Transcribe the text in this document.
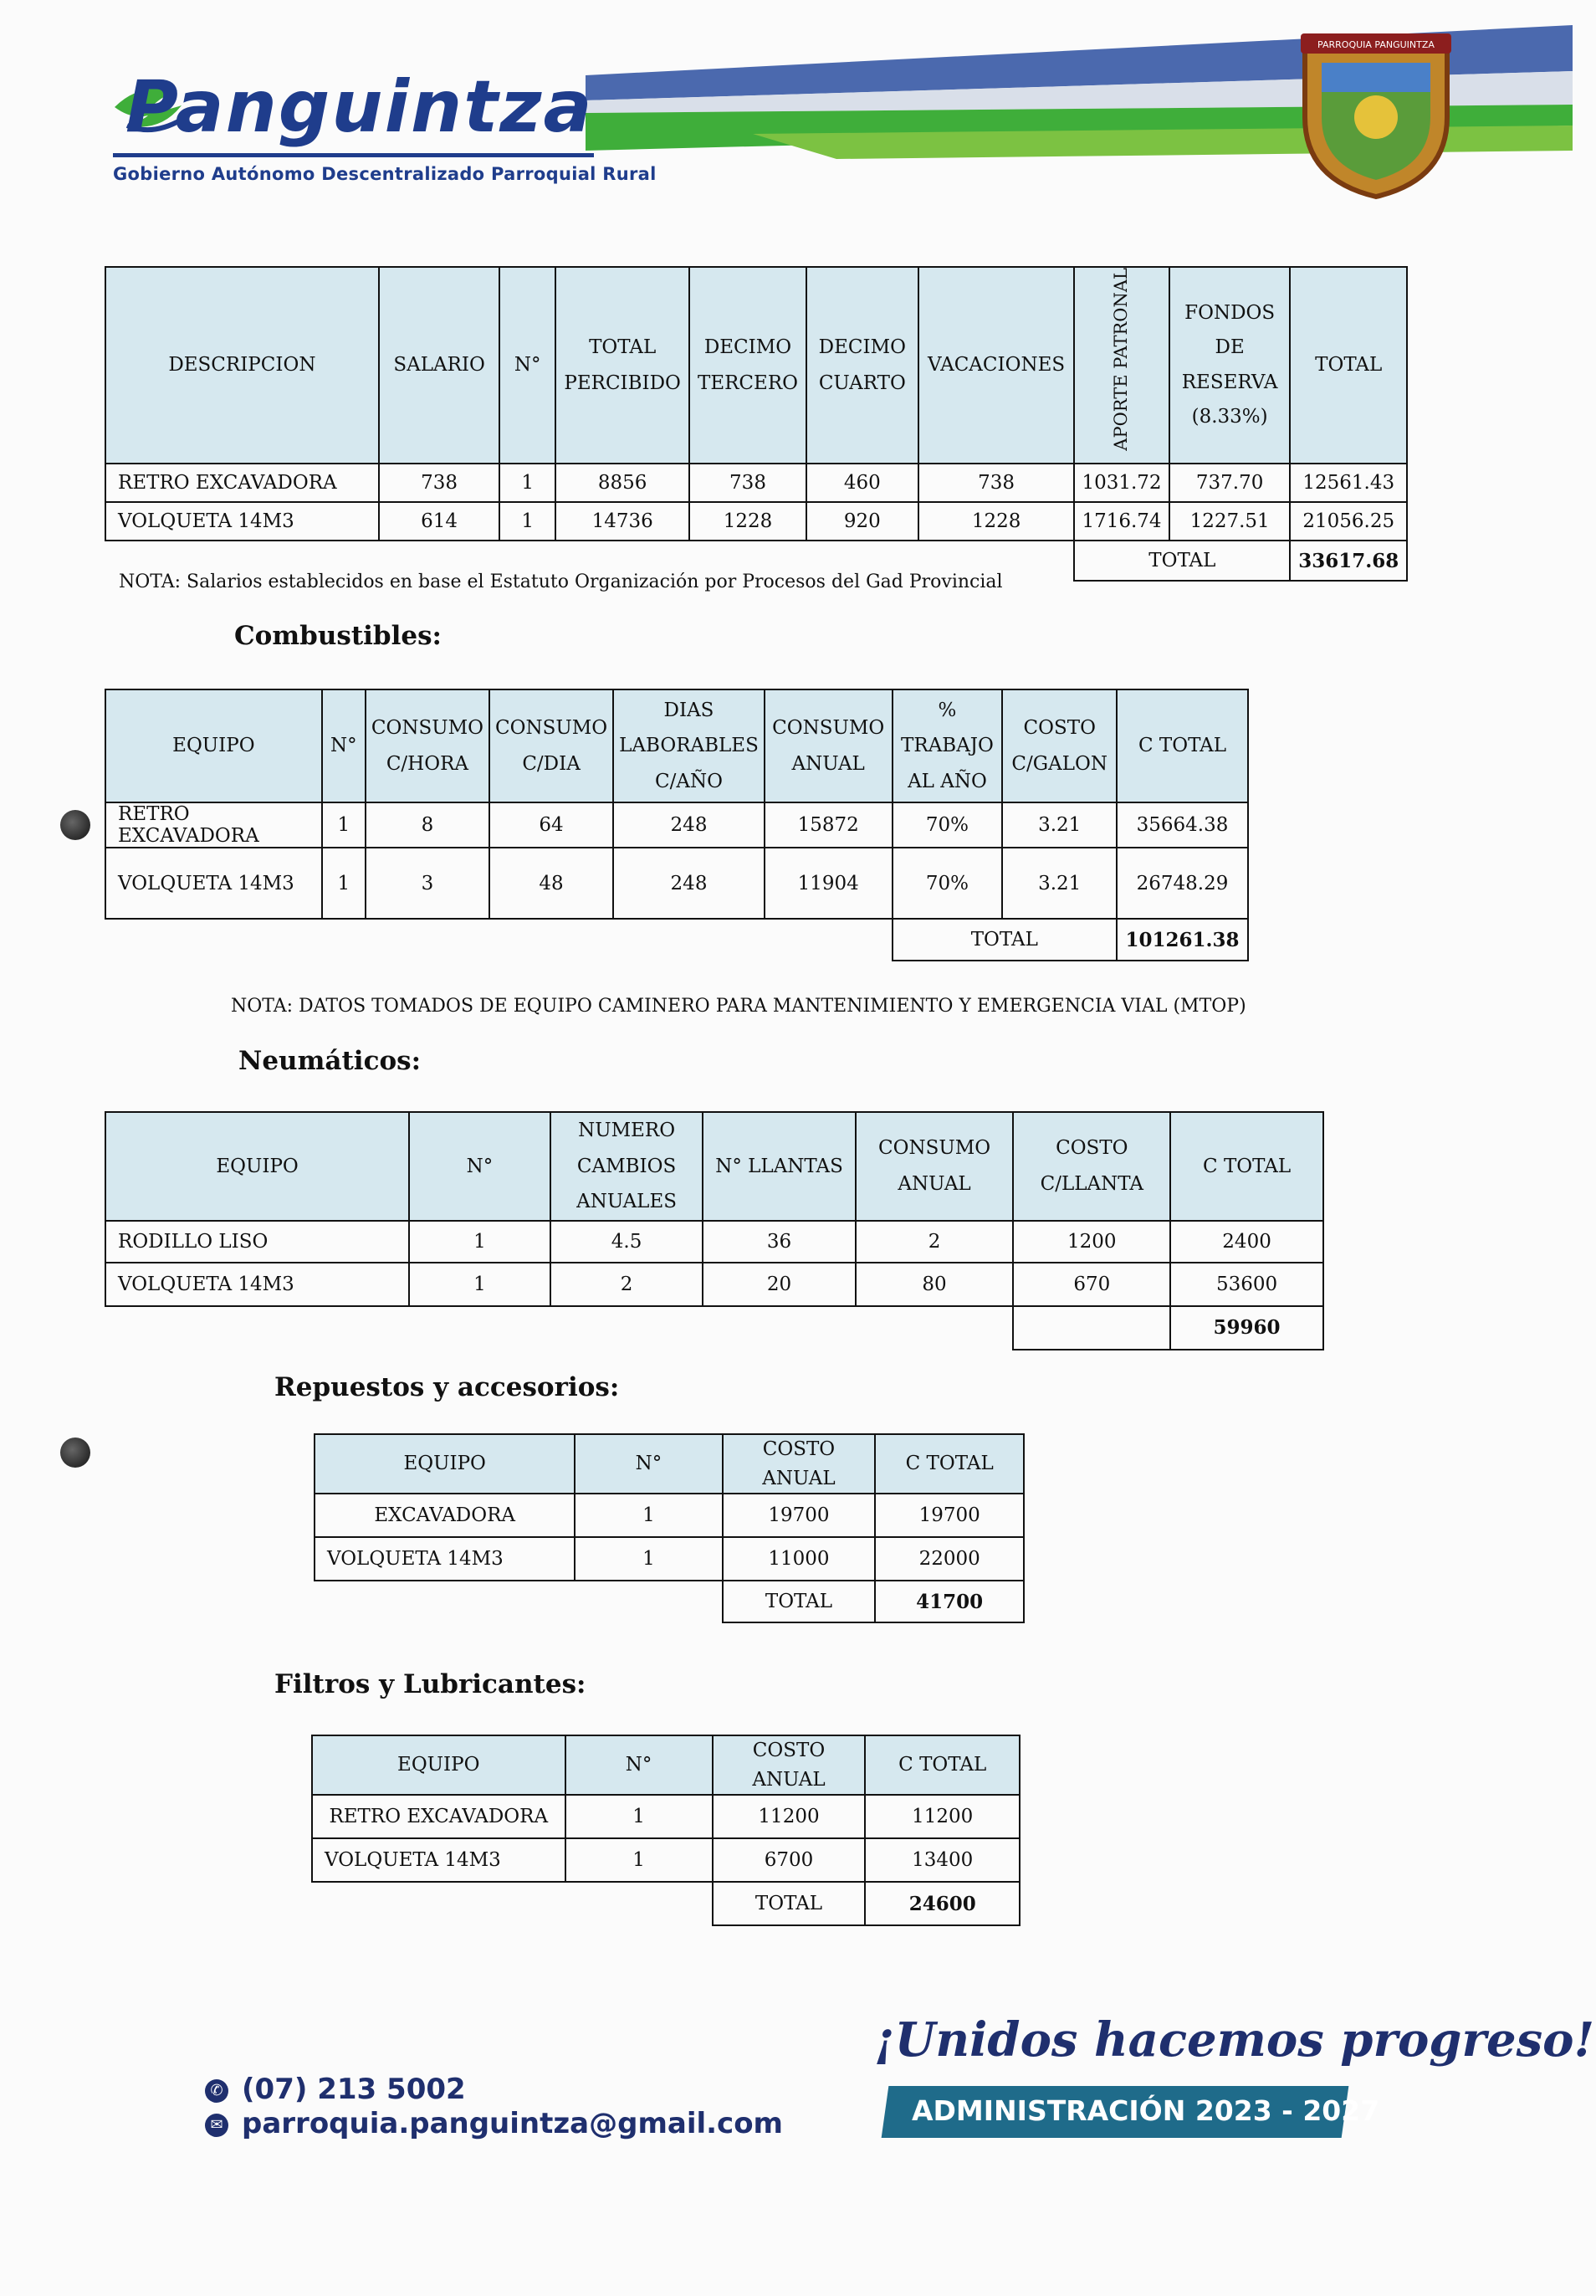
PARROQUIA PANGUINTZA
Panguintza
Gobierno Autónomo Descentralizado Parroquial Rural
DESCRIPCION	SALARIO	N°	TOTAL PERCIBIDO	DECIMO TERCERO	DECIMO CUARTO	VACACIONES	APORTE PATRONAL	FONDOS DE RESERVA (8.33%)	TOTAL
RETRO EXCAVADORA	738	1	8856	738	460	738	1031.72	737.70	12561.43
VOLQUETA 14M3	614	1	14736	1228	920	1228	1716.74	1227.51	21056.25
							TOTAL		33617.68
NOTA: Salarios establecidos en base el Estatuto Organización por Procesos del Gad Provincial
Combustibles:
EQUIPO	N°	CONSUMO C/HORA	CONSUMO C/DIA	DIAS LABORABLES C/AÑO	CONSUMO ANUAL	% TRABAJO AL AÑO	COSTO C/GALON	C TOTAL
RETRO EXCAVADORA	1	8	64	248	15872	70%	3.21	35664.38
VOLQUETA 14M3	1	3	48	248	11904	70%	3.21	26748.29
						TOTAL		101261.38
NOTA: DATOS TOMADOS DE EQUIPO CAMINERO PARA MANTENIMIENTO Y EMERGENCIA VIAL (MTOP)
Neumáticos:
EQUIPO	N°	NUMERO CAMBIOS ANUALES	N° LLANTAS	CONSUMO ANUAL	COSTO C/LLANTA	C TOTAL
RODILLO LISO	1	4.5	36	2	1200	2400
VOLQUETA 14M3	1	2	20	80	670	53600
						59960
Repuestos y accesorios:
EQUIPO	N°	COSTO ANUAL	C TOTAL
EXCAVADORA	1	19700	19700
VOLQUETA 14M3	1	11000	22000
		TOTAL	41700
Filtros y Lubricantes:
EQUIPO	N°	COSTO ANUAL	C TOTAL
RETRO EXCAVADORA	1	11200	11200
VOLQUETA 14M3	1	6700	13400
		TOTAL	24600
✆ (07) 213 5002
✉ parroquia.panguintza@gmail.com
¡Unidos hacemos progreso!
ADMINISTRACIÓN 2023 - 2027
